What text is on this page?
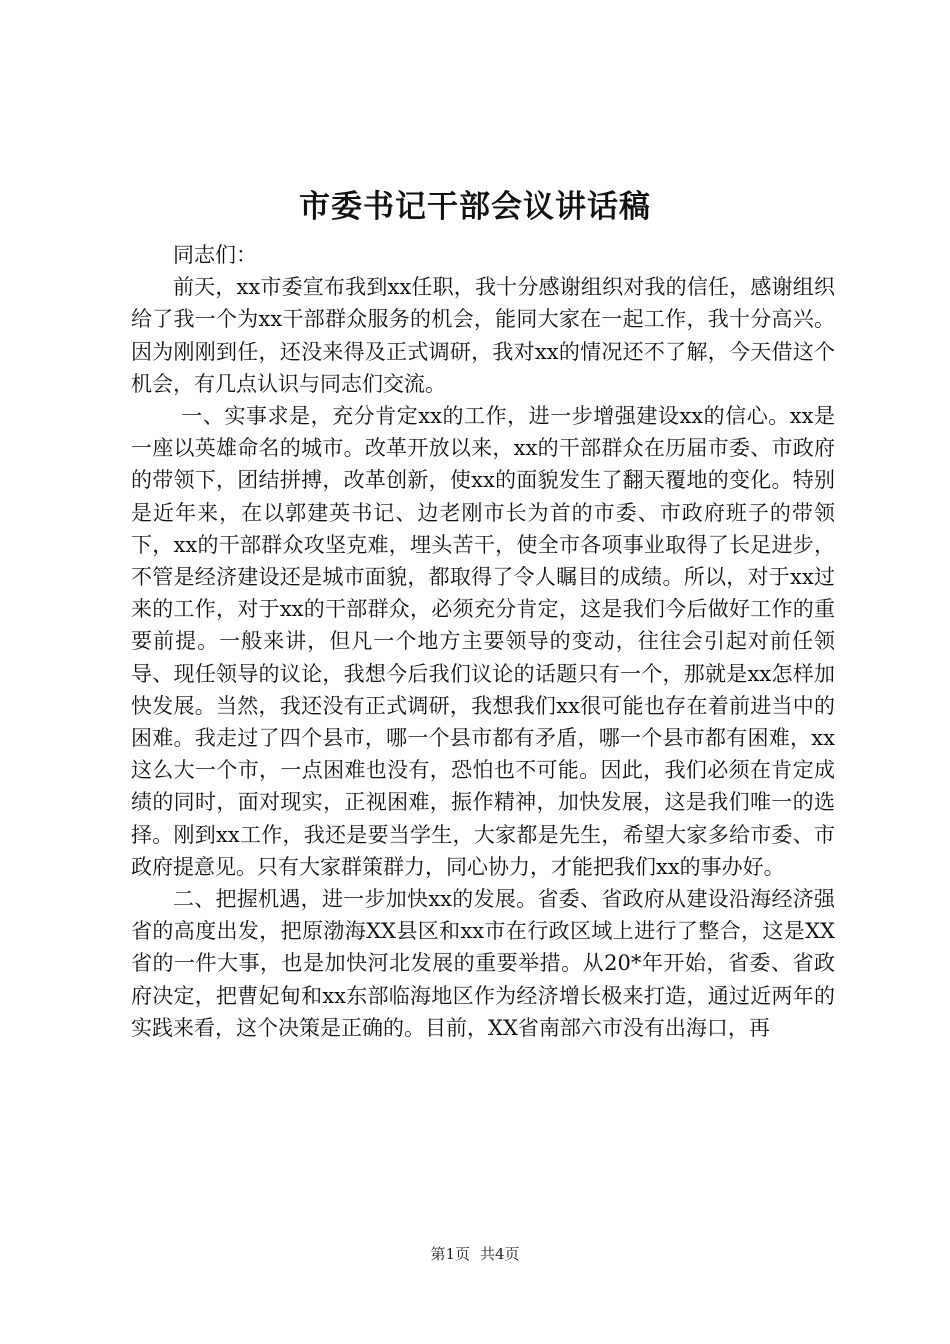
市委书记干部会议讲话稿

同志们：

前天，xx市委宣布我到xx任职，我十分感谢组织对我的信任，感谢组织给了我一个为xx干部群众服务的机会，能同大家在一起工作，我十分高兴。因为刚刚到任，还没来得及正式调研，我对xx的情况还不了解，今天借这个机会，有几点认识与同志们交流。

一、实事求是，充分肯定xx的工作，进一步增强建设xx的信心。xx是一座以英雄命名的城市。改革开放以来，xx的干部群众在历届市委、市政府的带领下，团结拼搏，改革创新，使xx的面貌发生了翻天覆地的变化。特别是近年来，在以郭建英书记、边老刚市长为首的市委、市政府班子的带领下，xx的干部群众攻坚克难，埋头苦干，使全市各项事业取得了长足进步，不管是经济建设还是城市面貌，都取得了令人瞩目的成绩。所以，对于xx过来的工作，对于xx的干部群众，必须充分肯定，这是我们今后做好工作的重要前提。一般来讲，但凡一个地方主要领导的变动，往往会引起对前任领导、现任领导的议论，我想今后我们议论的话题只有一个，那就是xx怎样加快发展。当然，我还没有正式调研，我想我们xx很可能也存在着前进当中的困难。我走过了四个县市，哪一个县市都有矛盾，哪一个县市都有困难，xx这么大一个市，一点困难也没有，恐怕也不可能。因此，我们必须在肯定成绩的同时，面对现实，正视困难，振作精神，加快发展，这是我们唯一的选择。刚到xx工作，我还是要当学生，大家都是先生，希望大家多给市委、市政府提意见。只有大家群策群力，同心协力，才能把我们xx的事办好。

二、把握机遇，进一步加快xx的发展。省委、省政府从建设沿海经济强省的高度出发，把原渤海XX县区和xx市在行政区域上进行了整合，这是XX省的一件大事，也是加快河北发展的重要举措。从20*年开始，省委、省政府决定，把曹妃甸和xx东部临海地区作为经济增长极来打造，通过近两年的实践来看，这个决策是正确的。目前，XX省南部六市没有出海口，再

第1页 共4页
